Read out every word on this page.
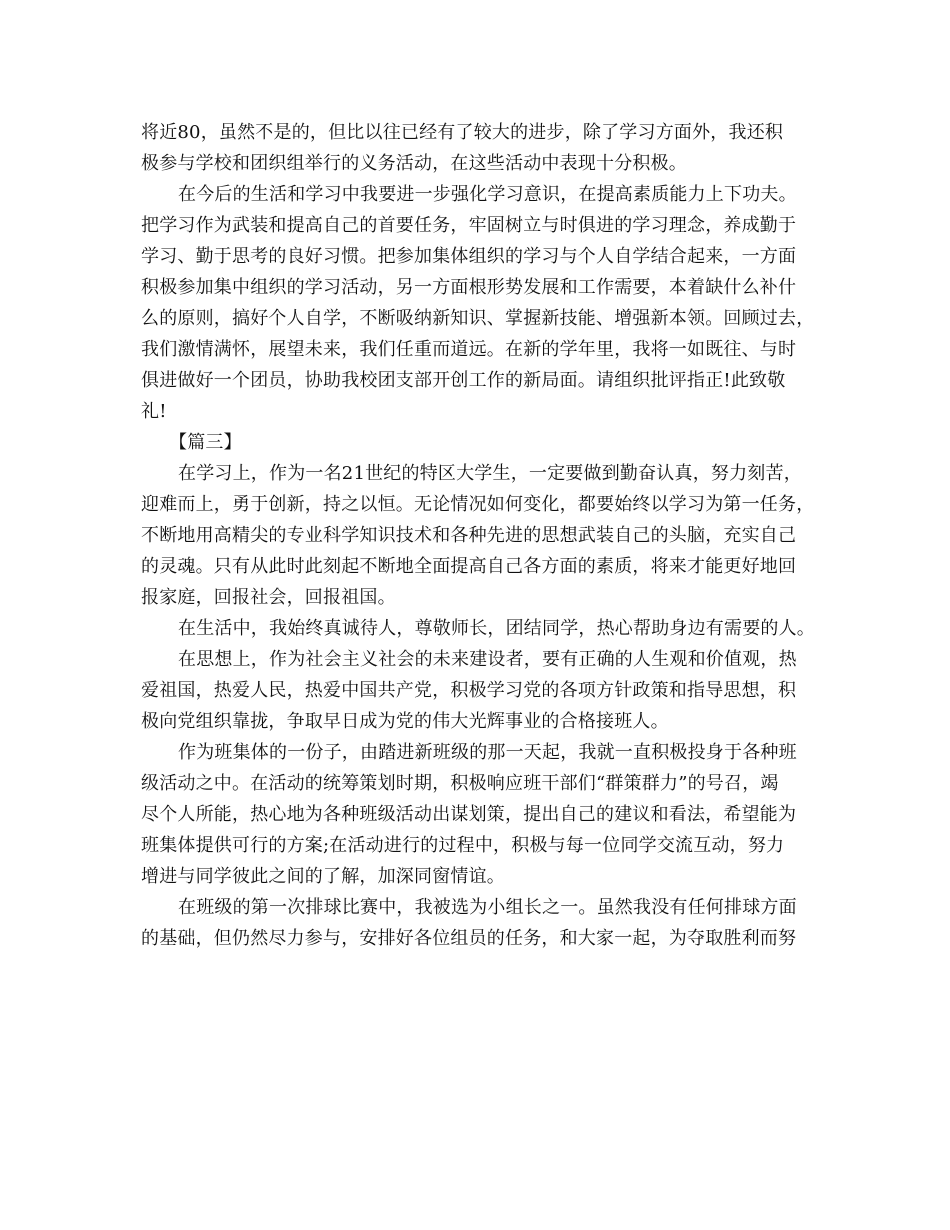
将近80，虽然不是的，但比以往已经有了较大的进步，除了学习方面外，我还积
极参与学校和团织组举行的义务活动，在这些活动中表现十分积极。
在今后的生活和学习中我要进一步强化学习意识，在提高素质能力上下功夫。
把学习作为武装和提高自己的首要任务，牢固树立与时俱进的学习理念，养成勤于
学习、勤于思考的良好习惯。把参加集体组织的学习与个人自学结合起来，一方面
积极参加集中组织的学习活动，另一方面根形势发展和工作需要，本着缺什么补什
么的原则，搞好个人自学，不断吸纳新知识、掌握新技能、增强新本领。回顾过去，
我们激情满怀，展望未来，我们任重而道远。在新的学年里，我将一如既往、与时
俱进做好一个团员，协助我校团支部开创工作的新局面。请组织批评指正!此致敬
礼!
【篇三】
在学习上，作为一名21世纪的特区大学生，一定要做到勤奋认真，努力刻苦，
迎难而上，勇于创新，持之以恒。无论情况如何变化，都要始终以学习为第一任务，
不断地用高精尖的专业科学知识技术和各种先进的思想武装自己的头脑，充实自己
的灵魂。只有从此时此刻起不断地全面提高自己各方面的素质，将来才能更好地回
报家庭，回报社会，回报祖国。
在生活中，我始终真诚待人，尊敬师长，团结同学，热心帮助身边有需要的人。
在思想上，作为社会主义社会的未来建设者，要有正确的人生观和价值观，热
爱祖国，热爱人民，热爱中国共产党，积极学习党的各项方针政策和指导思想，积
极向党组织靠拢，争取早日成为党的伟大光辉事业的合格接班人。
作为班集体的一份子，由踏进新班级的那一天起，我就一直积极投身于各种班
级活动之中。在活动的统筹策划时期，积极响应班干部们“群策群力”的号召，竭
尽个人所能，热心地为各种班级活动出谋划策，提出自己的建议和看法，希望能为
班集体提供可行的方案;在活动进行的过程中，积极与每一位同学交流互动，努力
增进与同学彼此之间的了解，加深同窗情谊。
在班级的第一次排球比赛中，我被选为小组长之一。虽然我没有任何排球方面
的基础，但仍然尽力参与，安排好各位组员的任务，和大家一起，为夺取胜利而努
